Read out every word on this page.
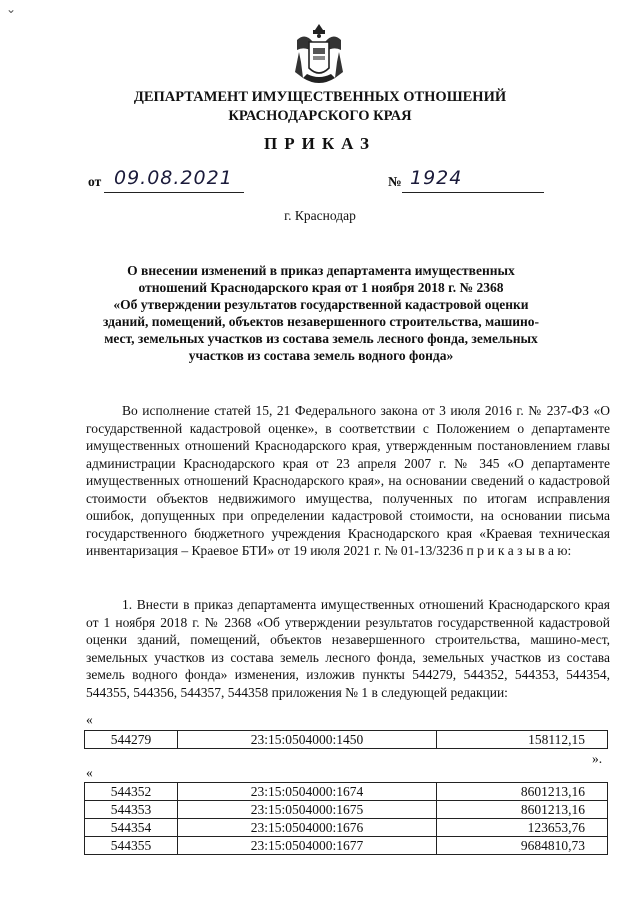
⌄
ДЕПАРТАМЕНТ ИМУЩЕСТВЕННЫХ ОТНОШЕНИЙ
КРАСНОДАРСКОГО КРАЯ
ПРИКАЗ
от 09.08.2021	№ 1924
г. Краснодар
О внесении изменений в приказ департамента имущественных
отношений Краснодарского края от 1 ноября 2018 г. № 2368
«Об утверждении результатов государственной кадастровой оценки
зданий, помещений, объектов незавершенного строительства, машино-
мест, земельных участков из состава земель лесного фонда, земельных
участков из состава земель водного фонда»

Во исполнение статей 15, 21 Федерального закона от 3 июля 2016 г. № 237-ФЗ «О государственной кадастровой оценке», в соответствии с Положением о департаменте имущественных отношений Краснодарского края, утвержденным постановлением главы администрации Краснодарского края от 23 апреля 2007 г. № 345 «О департаменте имущественных отношений Краснодарского края», на основании сведений о кадастровой стоимости объектов недвижимого имущества, полученных по итогам исправления ошибок, допущенных при определении кадастровой стоимости, на основании письма государственного бюджетного учреждения Краснодарского края «Краевая техническая инвентаризация – Краевое БТИ» от 19 июля 2021 г. № 01-13/3236 п р и к а з ы в а ю:

1. Внести в приказ департамента имущественных отношений Краснодарского края от 1 ноября 2018 г. № 2368 «Об утверждении результатов государственной кадастровой оценки зданий, помещений, объектов незавершенного строительства, машино-мест, земельных участков из состава земель лесного фонда, земельных участков из состава земель водного фонда» изменения, изложив пункты 544279, 544352, 544353, 544354, 544355, 544356, 544357, 544358 приложения № 1 в следующей редакции:

«
544279	23:15:0504000:1450	158112,15
».
«
544352	23:15:0504000:1674	8601213,16
544353	23:15:0504000:1675	8601213,16
544354	23:15:0504000:1676	123653,76
544355	23:15:0504000:1677	9684810,73
